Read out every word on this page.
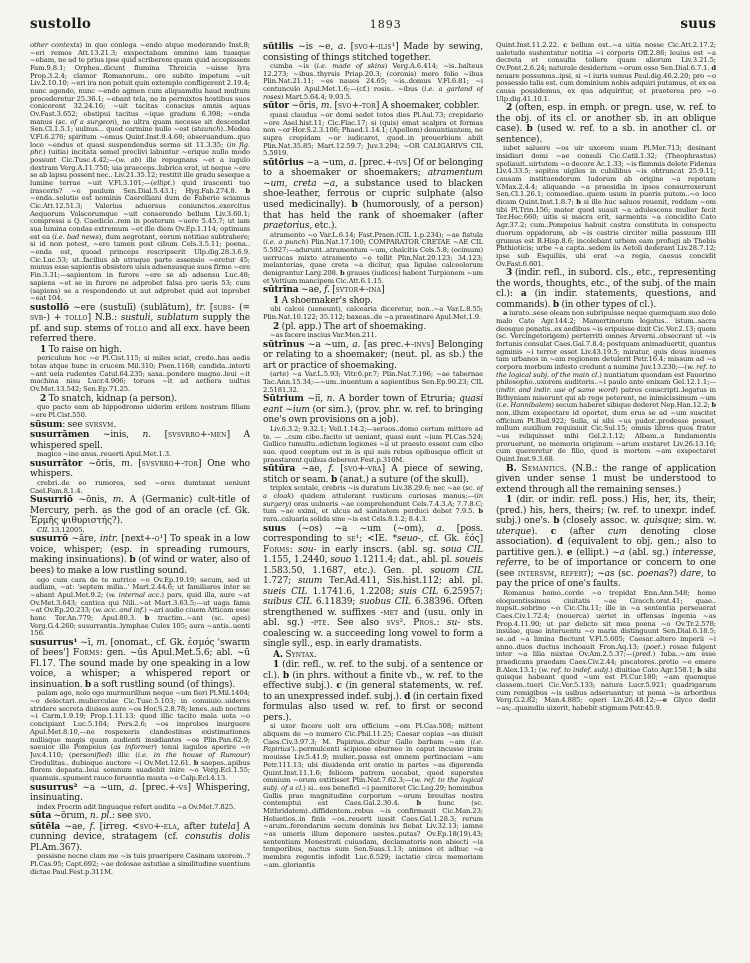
sustollo	1893	suus

other contexts) in quo conlega ~endo atque moderando Inst.8; ~eri remos Att.13.21.3; exspectabam omnino iam tuasque ~ebam, ne ad te prius ipse quid scriberem quam quid accepissem Fam.9.8.1; Orphea..dicunt flumina Threicia ~uisse lyra Prop.3.2.4; clamor Romanorum.. ore subito impetum ~uit Liv.2.10.10; ~eri ira non potuit quin extemplo confligerent 2.19.4; nunc agendo, nunc ~endo agmen cum aliquamdiu haud multum procederetur 25.36.1; ~ebant tela, ne in permixtos hostibus suos conicerent 32.24.16; ~uit tacitas conscius amnis aquas Ov.Fast.3.652; obstipui tacitus ~ique gradum 6.398; ~enda manus (sc. of a surgeon), ne ultra quam necesse sit descendat Sen.Cl.1.5.1; uulnus... quod carmine nullo ~est (staunch)..Medea V.Fl.6.276; spiritum ~emus Quint.Inst.9.4.68; obseruandum..quo loco ~endus et quasi suspendendus sermo sit 11.3.35; (in fig. phr.) (uitia) incitata semel proclivi labuntur ~erique nullo modo possunt Cic.Tusc.4.42;—(w. ab) ille repugnans ~et a iugulo dextram Verg.A.11.750; uia praeceps..lubrica erat, ut neque ~ere se ab lapsu possent nec.. Liv.21.35.12; restitit ille gradu seseque a lumine terrae ~uit V.Fl.3.101;—(ellipt.) quid irascenti tuo irasceris? ~e paulum Sen.Dial.5.43.1; Hyg.Fab.274.8. b ~enda..solutio est nominis Caerelliani dum de Faberio sciamus Cic.Att.12.51.3; Valerius aduersus coniunctos..exercitus Aequorum Volscorumque ~uit conserendo bellum Liv.3.60.1; compressi a Q. Caedicio..rem in posterum ~uere 5.45.7; ut iam sua lumina condas extremum ~et ille diem Ov.Ep.1.114; optimum est ea (i.e. bad news), dum aegrotant, eorum notitiae subtrahere; si id non potest, ~ere tamen post cibum Cels.3.5.11; poena.. ~enda est, quoad princeps rescripserit Ulp.dig.28.3.6.9. Cic.Luc.53; ut..facilius ab utraque parte assensio ~eretur 45; munus esse sapientis obsistere uisis adsensusque suos firme ~ere Fin.3.31;—sapientem in furore ~ere se ab adsensu Luc.48; sapiens ~et se in furore ne adprobet falsa pro ueris 53; cum (sapiens) se a respondendo ut aut adprobet quid aut inprobet ~eat 104.

sustollō ~ere (sustulī) (sublātum), tr. [subs- (= svb-) + tollo] N.B.: sustuli, sublatum supply the pf. and sup. stems of tollo and all exx. have been referred there.

1 To raise on high.

periculum hoc ~e Pl.Cist.115; si miles sciat, credo..has aedis totas atque hunc in crucem Mil.310; Poen.1168; candida..intorti ~ant uela rudentes Catul.64.235; saxa..pondere magno..leui ~it machina nisu Lucr.4.906; toruos ~it ad aethera uultus Ov.Met.13.542; Sen.Ep.71.25.

2 To snatch, kidnap (a person).

quo pacto eam ab hippodromo uiderim erilem nostram filiam ~ere Pl.Cist.550.

sūsum: see svrsvm.

susurrāmen ~inis, n. [svsvrro+-men] A whispered spell.

magico ~ine anus..reuerti Apul.Met.1.3.

susurrātor ~ōris, m. [svsvrro+-tor] One who whispers.

crebri..de eo rumores, sed ~ores dumtaxat ueniunt Cael.Fam.8.1.4.

Susurriō ~ōnis, m. A (Germanic) cult-title of Mercury, perh. as the god of an oracle (cf. Gk. Ἑρμῆς ψιθυριστής?).

CIL 13.12005.

susurrō ~āre, intr. [next+-o¹] To speak in a low voice, whisper; (esp. in spreading rumours, making insinuations). b (of wind or water, also of bees) to make a low rustling sound.

ego cum cara de te nutrice ~o Ov.Ep.19.19; secum, sed ut audiam, ~at: 'septem milia..' Mart.2.44.6; ut familiares inter se ~abant Apul.Met.9.2; (w. internal acc.) pars, quid illa, aure ~at Ov.Met.3.643; cantica qui Nili..~at Mart.3.63.5;—ut uaga fama ~at Ov.Ep.20.233; (w. acc. and inf.) ~ari audio ciuem Atticam esse hanc Ter.An.779; Apul.80.3. b tractim..~ant (sc. apes) Verg.G.4.260; susurrantis..lymphae Culex 105; aura ~antis..uenti 156.

susurrus¹ ~ī, m. [onomat., cf. Gk. ἑσμός 'swarm of bees'] Forms: gen. ~ūs Apul.Met.5.6; abl. ~ū Fl.17. The sound made by one speaking in a low voice, a whisper; a whispered report or insinuation. b a soft rustling sound (of things).

palam age, nolo ego murmurillum neque ~um fieri Pl.Mil.1404; ~o delectari..mulierculae Cic.Tusc.5.103; in conuiuio..uideres stridere secreta diuisos aure ~os Hor.S.2.8.78; lenes..sub noctem ~i Carm.1.9.19; Prop.1.11.13; quod illic tacito mala uota ~o concipiant Luc.5.104; Pers.2.6; ~os improbos inurguere Apul.Met.8.10,—ne respexeris clandestinas existimationes nullisque magis quam audienti insidiantes ~os Plin.Pan.62.9; saeuior illo Pompeius (as informer) tenui iugulos aperire ~o Juv.4.110; (personified) illic (i.e. in the house of Rumour) Credulitas.. dubioque auctore ~i Ov.Met.12.61. b saepes..apibus florem depasta..leui somnum suadebit inire ~o Verg.Ecl.1.55; quamuis..spument rauco feruentia musta ~o Calp.Ecl.4.13.

susurrus² ~a ~um, a. [prec.+-vs] Whispering, insinuating.

index Procrin adit linguaque refert audita ~a Ov.Met.7.825.

sūta ~ōrum, n. pl.: see svo.

sūtēla ~ae, f. [irreg. <svo+-ela, after tutela] A cunning device, stratagem (cf. consutis dolis Pl.Am.367).

possisne necne clam me ~is tuis praeripere Casinam uxorem..? Pl.Cas.95; Capt.692; ~ae dolosae astutiae a similitudine suentium dictae Paul.Fest.p.311M.

sūtilis ~is ~e, a. [svo+-ilis¹] Made by sewing, consisting of things stitched together.

cumba ~is (i.e. made of skins) Verg.A.6.414; ~is..balteus 12.273; ~ibus..thyrsis Priap.20.3; (coronis) mero folio ~ibus Plin.Nat.21.11; ~es naues 24.65; ~is..domus V.Fl.6.81; ~i centunculo Apul.Met.1.6;—(cf.) rosis.. ~ibus (i.e. a garland of roses) Mart.5.64.4; 9.93.5.

sūtor ~ōris, m. [svo+-tor] A shoemaker, cobbler.

quasi claudus ~or domi sedet totos dies Pl.Aul.73; crepidario ~ore Asel.hist.11; Cic.Flac.17; si (quis) emat scalpra et formas non ~or Hor.S.2.3.106; Phaed.1.14.1; (Apellem) denuntiantem, ne supra crepidam ~or iudicaret, quod..in prouerbium abiit Plin.Nat.35.85; Mart.12.59.7; Juv.3.294; ~OR CALIGARIVS CIL 5.5919.

sūtōrius ~a ~um, a. [prec.+-ivs] Of or belonging to a shoemaker or shoemakers; atramentum ~um, creta ~a, a substance used to blacken shoe-leather, ferrous or cupric sulphate (also used medicinally). b (humorously, of a person) that has held the rank of shoemaker (after praetorius, etc.).

atramento ~o Var.L.6.14; Fast.Praen.(CIL 1.p.234); ~ae fistula (i.e. a punch) Plin.Nat.17.100; COMPARATOR CRETAE ~AE CIL 5.5927;—adurunt..atramentum ~um, chalcitis Cels.5.8; (ocimum) uerrucas mixto atramento ~o tollit Plin.Nat.20.123; 34.123; melanterias, quae creta ~a dicitur, qua ligulae calceolorum denigrantur Larg.208. b graues (iudices) habent Turpionem ~um et Vettium mancipem Cic.Att.6.1.15.

sūtrīna ~ae, f. [svtor+-ina]

1 A shoemaker's shop.

ubi calcei (ueneunt), calcearia diceretur, non..~a Var.L.8.55; Plin.Nat.10.122; 35.112; baxeas..de ~a praestinare Apul.Met.1.9.

2 (pl. app.) The art of shoemaking.

~as facere inscius Var.Men.211.

sūtrīnus ~a ~um, a. [as prec.+-invs] Belonging or relating to a shoemaker; (neut. pl. as sb.) the art or practice of shoemaking.

(arte) ~a Var.L.5.93; Vitr.6.pr.7; Plin.Nat.7.196; ~ae tabernae Tac.Ann.15.34;—~um..inuentum a sapientibus Sen.Ep.90.23; CIL 2.5181.32.

Sūtrium ~iī, n. A border town of Etruria; quasi eant ~ium (or sim.), (prov. phr. w. ref. to bringing one's own provisions on a job).

Liv.6.3.2; 9.32.1; Vell.1.14.2;—seruos..domo certum mittere ad te. — ..cum cibo..facito ut ueniant, quasi eant ~ium Pl.Cas.524; Gallico tumultu..edictum legiones ~ii ut praesto essent cum cibo suo. quod coeptum est in is qui suis rebus opibusque officit ut praestarent quibus deberent Fest.p.310M.

sūtūra ~ae, f. [svo+-vra] A piece of sewing, stitch or seam. b (anat.) a suture (of the skull).

triplex scutale, crebris ~is duratum Liv.38.29.6; nec ~ae (sc. of a cloak) quidem attulerant rusticum curiosas manus;—(in surgery) oras uulneris ~ae comprehendunt Cels.7.4.3.A; 7.7.8.C; tum ~ae eximi, et ulcus ad sanitatem perduci debet 7.9.5. b rara..caluaria solida sine ~is est Cels.8.1.2; 8.4.3.

suus (~os) ~a ~um (~om), a. [poss. corresponding to se¹; <IE. *seuo-, cf. Gk. ἑός] Forms: sou- in early inscrs. (abl. sg. soua CIL 1.155, 1.2440, souo 1.1211.4; dat., abl. pl. soueis 1.583.50, 1.1687, etc.). Gen. pl. souom CIL 1.727; suum Ter.Ad.411, Sis.hist.112; abl. pl. sueis CIL 1.1741.6, 1.2208; suis CIL 6.25957; suibus CIL 6.11839; suobus CIL 6.38396. Often strengthened w. suffixes -met and (usu. only in abl. sg.) -pte. See also svs². Pros.: su- sts. coalescing w. a succeeding long vowel to form a single syll., esp. in early dramatists.

A. Syntax.

1 (dir. refl., w. ref. to the subj. of a sentence or cl.). b (in phrs. without a finite vb., w. ref. to the effective subj.). c (in general statements, w. ref. to an unexpressed indef. subj.). d (in certain fixed formulas also used w. ref. to first or second pers.).

si uxor facere uolt era officium ~om Pl.Cas.508; mittent aliquem de ~o numero Cic.Phil.11.25; Caesar copias ~as diuisit Caes.Civ.3.97.3; M. Papirius..dicitur Gallo barbam ~am (i.e. Papirius')..permulcenti scipione eburneo in caput incusso iram mouisse Liv.5.41.9; mulier..passa est omnem pertinaciam ~am Petr.111.13; ubi diuidenda erit oratio in partes ~as digerenda Quint.Inst.11.1.6; felicem patrem uocabat, quod superstes omnium ~orum extitisset Plin.Nat.7.62.3;—(w. ref. to the logical subj. of a cl.) si.. eos beneficī ~i paeniteret Cic.Leg.29; hominibus Gallis prae magnitudine corporum ~orum breuitas nostra contemptui est Caes.Gal.2.30.4. b hunc (sc. Mithridatem)..diffidentem..rebus ~is confirmauit Cic.Man.23; Heluetios..in finis ~os..reuerti iussit Caes.Gal.1.28.3; rerum ~arum..ferendarum secum dominis ius fiebat Liv.32.13; iamne ~as umeris illum deponere uestes..putas? Ov.Ep.18(19).43; sententiam Menestrati cuiusdam, declamatoris non abiecti ~is temporibus, nactus sum Sen.Suas.1.13; animos et adhuc ~a membra regentis infodit Luc.6.529; iactatio circa memoriam ~am..gloriantis

Quint.Inst.11.2.22. c bellum est..~a uitia nosse Cic.Att.2.17.2; ualetudo sustentatur notitia ~i corporis Off.2.86; leuius est ~a decreta et consulta tollere quam aliorum Liv.3.21.5; Ov.Pont.2.6.24; naturale desiderium ~orum esse Sen.Dial.6.7.1. d nouare possumus..ipsi, si ~i iuris sumus Paul.dig.46.2.20; pro ~o possessio talis est. cum dominium nobis adquiri putamus, et ex ea causa possidemus, ex qua adquiritur, et praeterea pro ~o Ulp.dig.41.10.1.

2 (often, esp. in emph. or pregn. use, w. ref. to the obj. of its cl. or another sb. in an oblique case). b (used w. ref. to a sb. in another cl. or sentence).

iubet saluere ~os uir uxorem suam Pl.Mer.713; desinant insidiari domi ~ae consuli Cic.Catil.1.32; (Theophrastus) spoliauit..uirtutem ~o decore Ac.1.33; ~is flammis delete Fidenas Liv.4.33.5; sopitos uigiles in cubilibus ~is obtruncat 25.9.11; causam instituendorum ludorum ab origine ~a repetam V.Max.2.4.4; aliquando ~a praesidia in ipsos consurrexerunt Sen.Cl.1.26.1; comoediae..quem usum in pueris putem..~o loco dicam Quint.Inst.1.8.7; b si ille huc saluos reuenit, reddam ~om tibi Pl.Trin.156; mater quod suasit ~a adulescens mulier fecit Ter.Hec.660; uitis si macra erit, sarmenta ~a concidito Cato Agr.37.2; cum..Pompeius habuit castra constituta in conspectu duorum oppidorum, ab ~is castris circiter milia passuum IIII grumus est B.Hisp.8.6; incolebant urbem eam profugi ab Thebis Phthioticis; urbe ~a capta..sedem iis Aetoli dederant Liv.28.7.12; ipse sub Esquiliis, ubi erat ~a regia, caesus concidit Ov.Fast.6.601.

3 (indir. refl., in subord. cls., etc., representing the words, thoughts, etc., of the subj. of the main cl.): a (in indir. statements, questions, and commands). b (in other types of cl.).

a iurato..sese oleam non subripuisse neque quemquam suo dolo malo Cato Agr.144.2; Mamertinorum legatus.. istum..sacra deosque penatis..ex aedibus ~is eripuisse dixit Cic.Ver.2.13; quem (sc. Vercingetorigem) perterriti omnes Arverni..obsecrant ut ~is fortunis consulat Caes.Gal.7.8.4; postquam animaduertit, quantus agminis ~i terror esset Liv.43.19.5; miratur, quis deus iuuenes tam urbanos in ~am regionem detulerit Petr.16.4; missum ad ~a corpora morbum infesto credunt a numine Juv.13.230;—(w. ref. to the logical subj. of the main cl.) nuntiatum quondam est Fauorino philosopho..uxorem auditoris..~i paulo ante enixam Gel.12.1.1;—(indir. and indir. use of same word) patres conscripti..legatus in Bithyniam miserunt qui ab rege peterent, ne inimicissimum ~um (i.e. Hannibalem) secum haberet sibique dederet Nep.Han.12.2; b non..illum exspectare id oportet, dum erus se ad ~um suscitet officium Pl.Rud.922; Sulla, si sibi ~us pudor..prodesse posset, nullum auxilium requisiuit Cic.Sul.15; omnis libros quos frater ~us reliquisset mihi Gel.2.1.12; Albam..a fundamentis proruerunt, ne memoria originum ~arum exstaret Liv.26.13.16; cum quereretur de filio, quod is mortem ~am exspectaret Quint.Inst.9.3.68.

B. Semantics. (N.B.: the range of application given under sense 1 must be understood to extend through all the remaining senses.)

1 (dir. or indir. refl. poss.) His, her, its, their, (pred.) his, hers, theirs; (w. ref. to unexpr. indef. subj.) one's. b (closely assoc. w. quisque; sim. w. uterque). c (after cum denoting close association). d (equivalent to obj. gen.; also to partitive gen.). e (ellipt.) ~a (abl. sg.) interesse, referre, to be of importance or concern to one (see intersvm, refert); ~as (sc. poenas?) dare, to pay the price of one's faults.

Romanus homo..corde ~o trepidat Enn.Ann.548; homo eloquentissimus ciuitatis ~ae Gracch.orat.41; quae.. nupsit..sobrino ~o Cic.Clu.11; ille in ~a sententia perseuerat Caes.Civ.1.72.4; (nouerca) uertet in offensas ingenia ~as Prop.4.11.90; ut par delicto sit mea poena ~o Ov.Tr.2.578; insulae, quae interuentu ~o maria distinguunt Sen.Dial.6.18.5; se..ad ~a limina flectunt V.Fl.5.605; Caesar..altero imperii ~i anno..duos ductus inchoauit Fron.Aq.13; (poet.) rosae fulgent inter ~a lilia mixtae Ov.Am.2.5.37;—(pred.) Iuba..~am esse praedicans praedam Caes.Civ.2.44; piscatores..pretio ~o emere B.Alex.13.1; (w. ref. to indef. subj.) diuitiae Cato Agr.158.1; b sibi quisque habeant quod ~um est Pl.Cur.180; ~am quemque classem..tueri Cic.Ver.5.133; natura Lucr.5.921; quadrigarum cum remigibus ~is usibus adseruantur; ut poma ~is arboribus Verg.G.2.82; Man.4.885; operi Liv.26.48.12;—e Glyco dedit ~as;..quamdiu uixerit, habebit stigmam Petr.45.9.
